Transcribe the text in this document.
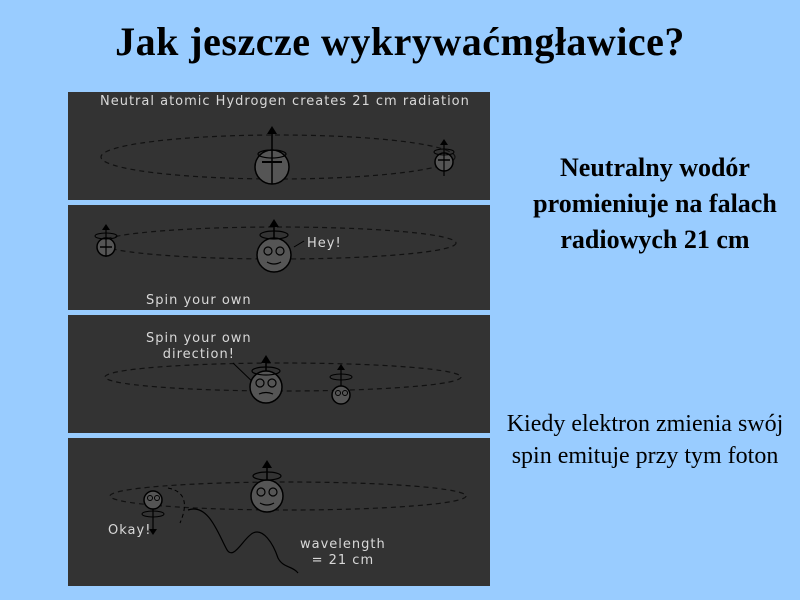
Jak jeszcze wykrywaćmgławice?
Neutral atomic Hydrogen creates 21 cm radiation
Hey!
Spin your own
Spin your own
direction!
Okay!
wavelength
= 21 cm
Neutralny wodór promieniuje na falach radiowych 21 cm
Kiedy elektron zmienia swój spin emituje przy tym foton
